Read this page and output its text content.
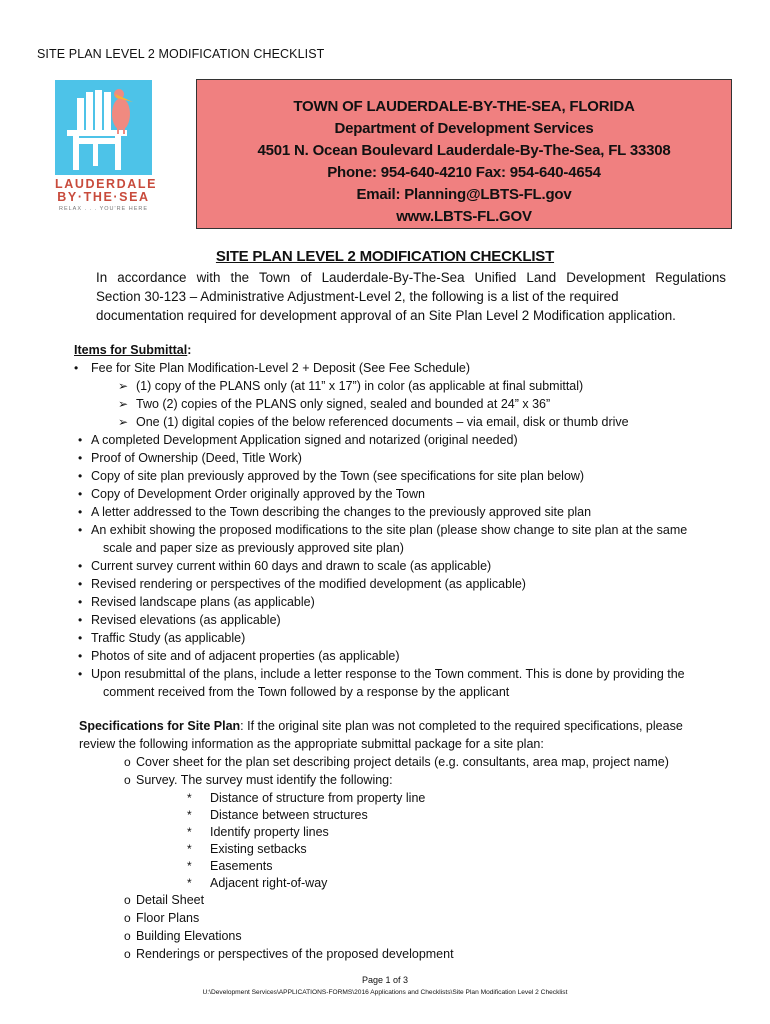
SITE PLAN LEVEL 2 MODIFICATION CHECKLIST
LAUDERDALE
BY·THE·SEA
RELAX . . . YOU'RE HERE
TOWN OF LAUDERDALE-BY-THE-SEA, FLORIDA
Department of Development Services
4501 N. Ocean Boulevard Lauderdale-By-The-Sea, FL 33308
Phone: 954-640-4210 Fax: 954-640-4654
Email: Planning@LBTS-FL.gov
www.LBTS-FL.GOV
SITE PLAN LEVEL 2 MODIFICATION CHECKLIST
In accordance with the Town of Lauderdale-By-The-Sea Unified Land Development Regulations
Section 30-123 – Administrative Adjustment-Level 2, the following is a list of the required
documentation required for development approval of an Site Plan Level 2 Modification application.
Items for Submittal:
• Fee for Site Plan Modification-Level 2 + Deposit (See Fee Schedule)
➢ (1) copy of the PLANS only (at 11” x 17”) in color (as applicable at final submittal)
➢ Two (2) copies of the PLANS only signed, sealed and bounded at 24” x 36”
➢ One (1) digital copies of the below referenced documents – via email, disk or thumb drive
• A completed Development Application signed and notarized (original needed)
• Proof of Ownership (Deed, Title Work)
• Copy of site plan previously approved by the Town (see specifications for site plan below)
• Copy of Development Order originally approved by the Town
• A letter addressed to the Town describing the changes to the previously approved site plan
• An exhibit showing the proposed modifications to the site plan (please show change to site plan at the same
scale and paper size as previously approved site plan)
• Current survey current within 60 days and drawn to scale (as applicable)
• Revised rendering or perspectives of the modified development (as applicable)
• Revised landscape plans (as applicable)
• Revised elevations (as applicable)
• Traffic Study (as applicable)
• Photos of site and of adjacent properties (as applicable)
• Upon resubmittal of the plans, include a letter response to the Town comment. This is done by providing the
comment received from the Town followed by a response by the applicant
Specifications for Site Plan: If the original site plan was not completed to the required specifications, please
review the following information as the appropriate submittal package for a site plan:
o Cover sheet for the plan set describing project details (e.g. consultants, area map, project name)
o Survey. The survey must identify the following:
* Distance of structure from property line
* Distance between structures
* Identify property lines
* Existing setbacks
* Easements
* Adjacent right-of-way
o Detail Sheet
o Floor Plans
o Building Elevations
o Renderings or perspectives of the proposed development
Page 1 of 3
U:\Development Services\APPLICATIONS-FORMS\2016 Applications and Checklists\Site Plan Modification Level 2 Checklist
